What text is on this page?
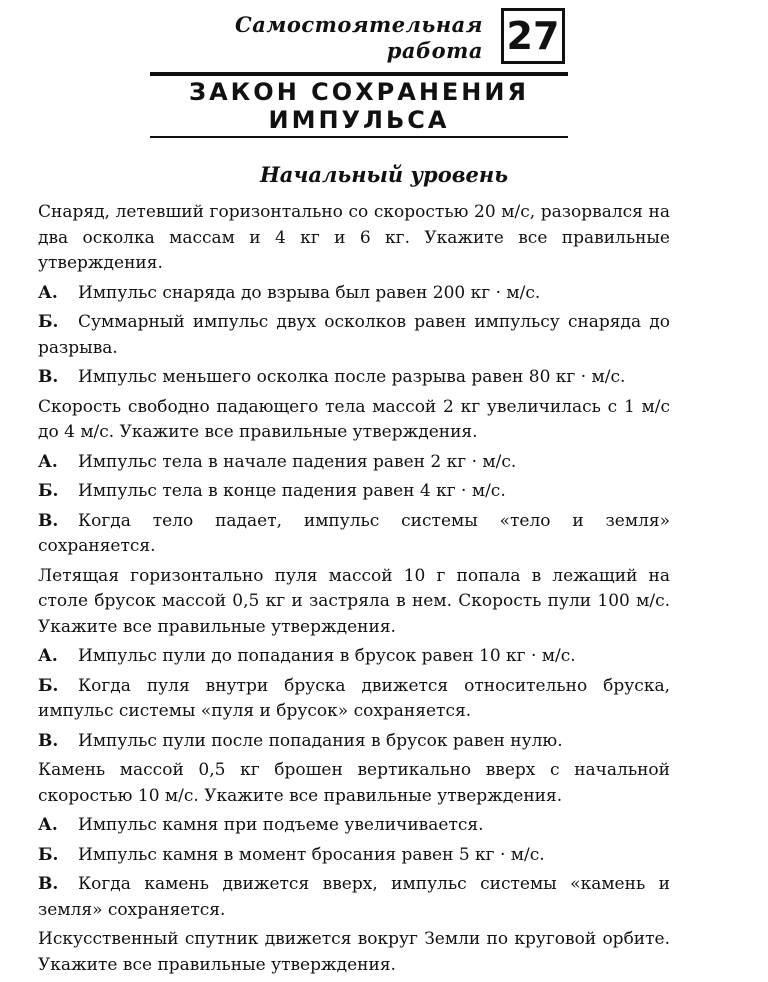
Самостоятельная
работа 27
ЗАКОН СОХРАНЕНИЯ
ИМПУЛЬСА
Начальный уровень

Снаряд, летевший горизонтально со скоростью 20 м/с, разорвался на два осколка массам и 4 кг и 6 кг. Укажите все правильные утверждения.

А. Импульс снаряда до взрыва был равен 200 кг · м/с.

Б. Суммарный импульс двух осколков равен импульсу снаряда до разрыва.

В. Импульс меньшего осколка после разрыва равен 80 кг · м/с.

Скорость свободно падающего тела массой 2 кг увеличилась с 1 м/с до 4 м/с. Укажите все правильные утверждения.

А. Импульс тела в начале падения равен 2 кг · м/с.

Б. Импульс тела в конце падения равен 4 кг · м/с.

В. Когда тело падает, импульс системы «тело и земля» сохраняется.

Летящая горизонтально пуля массой 10 г попала в лежащий на столе брусок массой 0,5 кг и застряла в нем. Скорость пули 100 м/с. Укажите все правильные утверждения.

А. Импульс пули до попадания в брусок равен 10 кг · м/с.

Б. Когда пуля внутри бруска движется относительно бруска, импульс системы «пуля и брусок» сохраняется.

В. Импульс пули после попадания в брусок равен нулю.

Камень массой 0,5 кг брошен вертикально вверх с начальной скоростью 10 м/с. Укажите все правильные утверждения.

А. Импульс камня при подъеме увеличивается.

Б. Импульс камня в момент бросания равен 5 кг · м/с.

В. Когда камень движется вверх, импульс системы «камень и земля» сохраняется.

Искусственный спутник движется вокруг Земли по круговой орбите. Укажите все правильные утверждения.
